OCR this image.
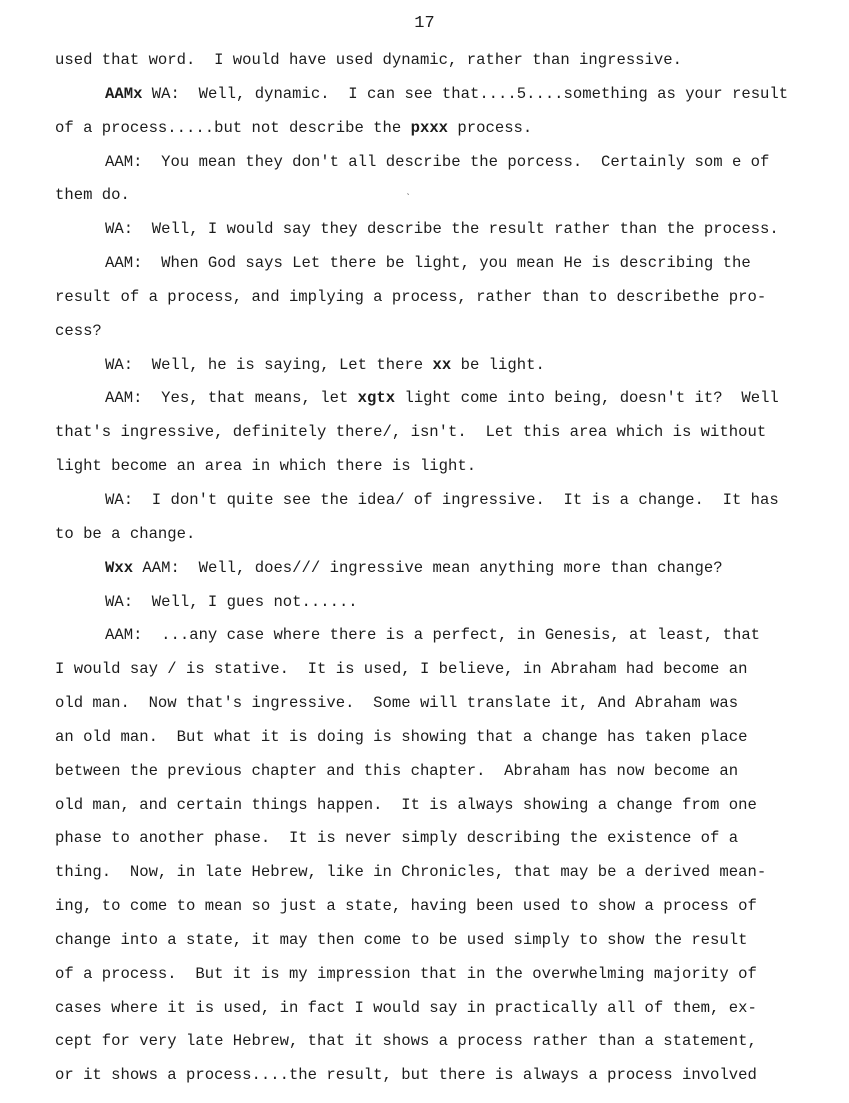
17
ˎ
used that word.  I would have used dynamic, rather than ingressive.
AAMx WA:  Well, dynamic.  I can see that....5....something as your result
of a process.....but not describe the pxxx process.
AAM:  You mean they don't all describe the porcess.  Certainly som e of
them do.
WA:  Well, I would say they describe the result rather than the process.
AAM:  When God says Let there be light, you mean He is describing the
result of a process, and implying a process, rather than to describethe pro-
cess?
WA:  Well, he is saying, Let there xx be light.
AAM:  Yes, that means, let xgtx light come into being, doesn't it?  Well
that's ingressive, definitely there/, isn't.  Let this area which is without
light become an area in which there is light.
WA:  I don't quite see the idea/ of ingressive.  It is a change.  It has
to be a change.
Wxx AAM:  Well, does/// ingressive mean anything more than change?
WA:  Well, I gues not......
AAM:  ...any case where there is a perfect, in Genesis, at least, that
I would say / is stative.  It is used, I believe, in Abraham had become an
old man.  Now that's ingressive.  Some will translate it, And Abraham was
an old man.  But what it is doing is showing that a change has taken place
between the previous chapter and this chapter.  Abraham has now become an
old man, and certain things happen.  It is always showing a change from one
phase to another phase.  It is never simply describing the existence of a
thing.  Now, in late Hebrew, like in Chronicles, that may be a derived mean-
ing, to come to mean so just a state, having been used to show a process of
change into a state, it may then come to be used simply to show the result
of a process.  But it is my impression that in the overwhelming majority of
cases where it is used, in fact I would say in practically all of them, ex-
cept for very late Hebrew, that it shows a process rather than a statement,
or it shows a process....the result, but there is always a process involved
